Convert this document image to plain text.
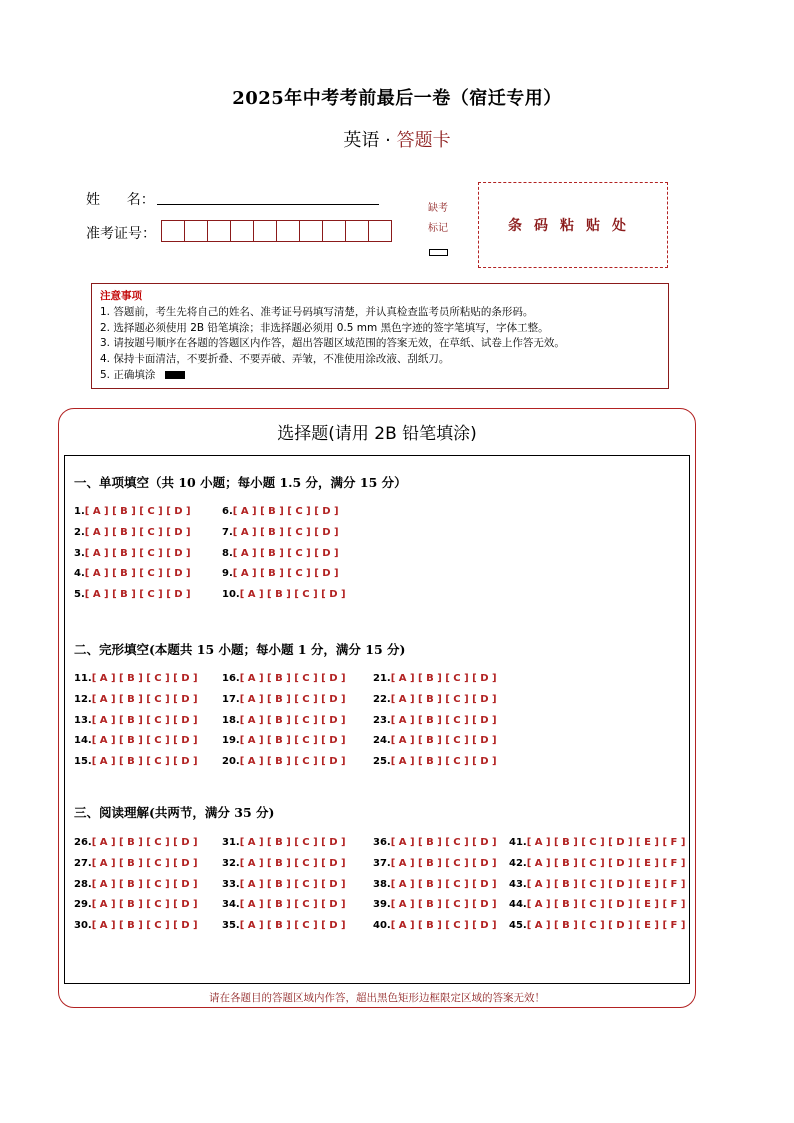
2025年中考考前最后一卷（宿迁专用）
英语 · 答题卡
姓      名：
准考证号：
缺考
标记	条码粘贴处
注意事项
1. 答题前，考生先将自己的姓名、准考证号码填写清楚，并认真检查监考员所粘贴的条形码。
2. 选择题必须使用 2B 铅笔填涂；非选择题必须用 0.5 mm 黑色字迹的签字笔填写，字体工整。
3. 请按题号顺序在各题的答题区内作答，超出答题区域范围的答案无效，在草纸、试卷上作答无效。
4. 保持卡面清洁，不要折叠、不要弄破、弄皱，不准使用涂改液、刮纸刀。
5. 正确填涂
选择题(请用 2B 铅笔填涂)
一、单项填空（共 10 小题；每小题 1.5 分，满分 15 分）
二、完形填空(本题共 15 小题；每小题 1 分，满分 15 分)
三、阅读理解(共两节，满分 35 分)
1.[ A ] [ B ] [ C ] [ D ]
2.[ A ] [ B ] [ C ] [ D ]
3.[ A ] [ B ] [ C ] [ D ]
4.[ A ] [ B ] [ C ] [ D ]
5.[ A ] [ B ] [ C ] [ D ]
6.[ A ] [ B ] [ C ] [ D ]
7.[ A ] [ B ] [ C ] [ D ]
8.[ A ] [ B ] [ C ] [ D ]
9.[ A ] [ B ] [ C ] [ D ]
10.[ A ] [ B ] [ C ] [ D ]
11.[ A ] [ B ] [ C ] [ D ]
12.[ A ] [ B ] [ C ] [ D ]
13.[ A ] [ B ] [ C ] [ D ]
14.[ A ] [ B ] [ C ] [ D ]
15.[ A ] [ B ] [ C ] [ D ]
16.[ A ] [ B ] [ C ] [ D ]
17.[ A ] [ B ] [ C ] [ D ]
18.[ A ] [ B ] [ C ] [ D ]
19.[ A ] [ B ] [ C ] [ D ]
20.[ A ] [ B ] [ C ] [ D ]
21.[ A ] [ B ] [ C ] [ D ]
22.[ A ] [ B ] [ C ] [ D ]
23.[ A ] [ B ] [ C ] [ D ]
24.[ A ] [ B ] [ C ] [ D ]
25.[ A ] [ B ] [ C ] [ D ]
26.[ A ] [ B ] [ C ] [ D ]
27.[ A ] [ B ] [ C ] [ D ]
28.[ A ] [ B ] [ C ] [ D ]
29.[ A ] [ B ] [ C ] [ D ]
30.[ A ] [ B ] [ C ] [ D ]
31.[ A ] [ B ] [ C ] [ D ]
32.[ A ] [ B ] [ C ] [ D ]
33.[ A ] [ B ] [ C ] [ D ]
34.[ A ] [ B ] [ C ] [ D ]
35.[ A ] [ B ] [ C ] [ D ]
36.[ A ] [ B ] [ C ] [ D ]
37.[ A ] [ B ] [ C ] [ D ]
38.[ A ] [ B ] [ C ] [ D ]
39.[ A ] [ B ] [ C ] [ D ]
40.[ A ] [ B ] [ C ] [ D ]
41.[ A ] [ B ] [ C ] [ D ] [ E ] [ F ]
42.[ A ] [ B ] [ C ] [ D ] [ E ] [ F ]
43.[ A ] [ B ] [ C ] [ D ] [ E ] [ F ]
44.[ A ] [ B ] [ C ] [ D ] [ E ] [ F ]
45.[ A ] [ B ] [ C ] [ D ] [ E ] [ F ]
请在各题目的答题区域内作答，超出黑色矩形边框限定区域的答案无效！
